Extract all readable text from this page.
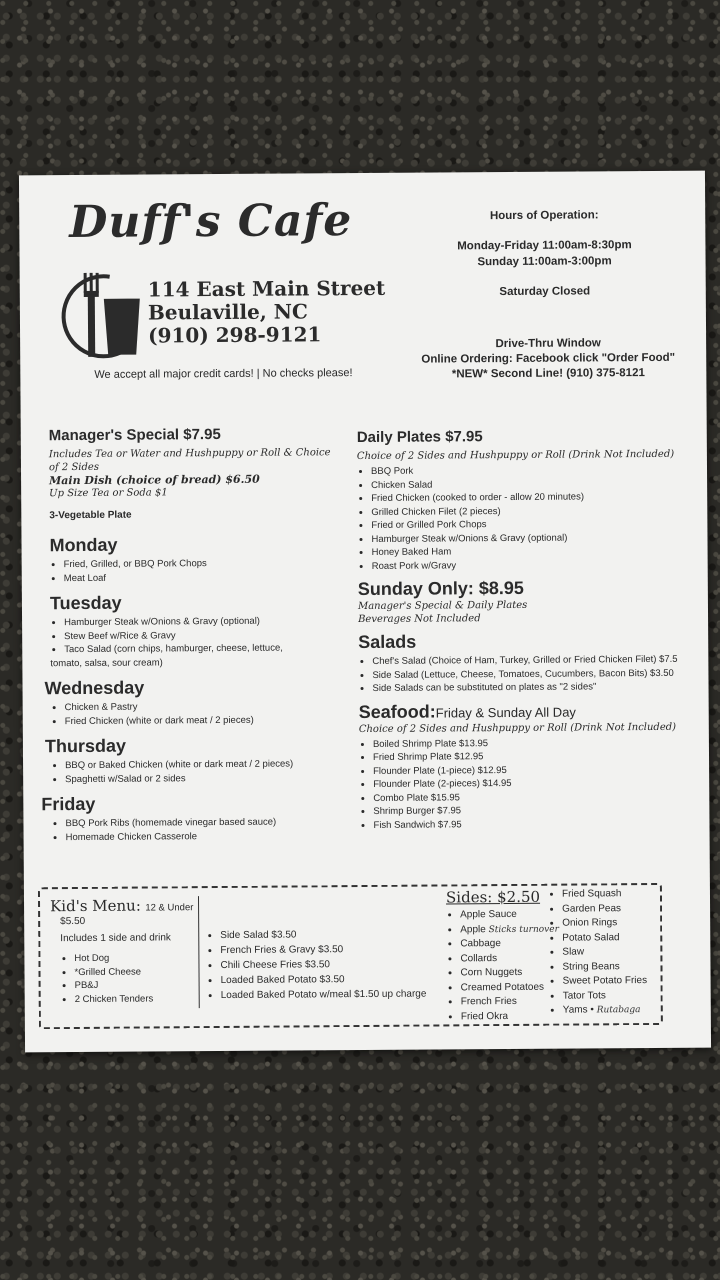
Duff's Cafe
114 East Main Street
Beulaville, NC
(910) 298-9121
We accept all major credit cards! | No checks please!
Hours of Operation:
Monday-Friday 11:00am-8:30pm
Sunday 11:00am-3:00pm
Saturday Closed
Drive-Thru Window
Online Ordering: Facebook click "Order Food"
*NEW* Second Line! (910) 375-8121
Manager's Special $7.95
Includes Tea or Water and Hushpuppy or Roll & Choice of 2 Sides
Main Dish (choice of bread) $6.50
Up Size Tea or Soda $1
3-Vegetable Plate
Monday
• Fried, Grilled, or BBQ Pork Chops
• Meat Loaf
Tuesday
• Hamburger Steak w/Onions & Gravy (optional)
• Stew Beef w/Rice & Gravy
• Taco Salad (corn chips, hamburger, cheese, lettuce,
tomato, salsa, sour cream)
Wednesday
• Chicken & Pastry
• Fried Chicken (white or dark meat / 2 pieces)
Thursday
• BBQ or Baked Chicken (white or dark meat / 2 pieces)
• Spaghetti w/Salad or 2 sides
Friday
• BBQ Pork Ribs (homemade vinegar based sauce)
• Homemade Chicken Casserole
Daily Plates $7.95
Choice of 2 Sides and Hushpuppy or Roll (Drink Not Included)
• BBQ Pork
• Chicken Salad
• Fried Chicken (cooked to order - allow 20 minutes)
• Grilled Chicken Filet (2 pieces)
• Fried or Grilled Pork Chops
• Hamburger Steak w/Onions & Gravy (optional)
• Honey Baked Ham
• Roast Pork w/Gravy
Sunday Only: $8.95
Manager's Special & Daily Plates
Beverages Not Included
Salads
• Chef's Salad (Choice of Ham, Turkey, Grilled or Fried Chicken Filet) $7.5
• Side Salad (Lettuce, Cheese, Tomatoes, Cucumbers, Bacon Bits) $3.50
• Side Salads can be substituted on plates as "2 sides"
Seafood:Friday & Sunday All Day
Choice of 2 Sides and Hushpuppy or Roll (Drink Not Included)
• Boiled Shrimp Plate $13.95
• Fried Shrimp Plate $12.95
• Flounder Plate (1-piece) $12.95
• Flounder Plate (2-pieces) $14.95
• Combo Plate $15.95
• Shrimp Burger $7.95
• Fish Sandwich $7.95
Kid's Menu: 12 & Under
$5.50
Includes 1 side and drink
• Hot Dog
• *Grilled Cheese
• PB&J
• 2 Chicken Tenders
• Side Salad $3.50
• French Fries & Gravy $3.50
• Chili Cheese Fries $3.50
• Loaded Baked Potato $3.50
• Loaded Baked Potato w/meal $1.50 up charge
Sides: $2.50
• Apple Sauce
• Apple Sticks turnover
• Cabbage
• Collards
• Corn Nuggets
• Creamed Potatoes
• French Fries
• Fried Okra
• Fried Squash
• Garden Peas
• Onion Rings
• Potato Salad
• Slaw
• String Beans
• Sweet Potato Fries
• Tator Tots
• Yams • Rutabaga
